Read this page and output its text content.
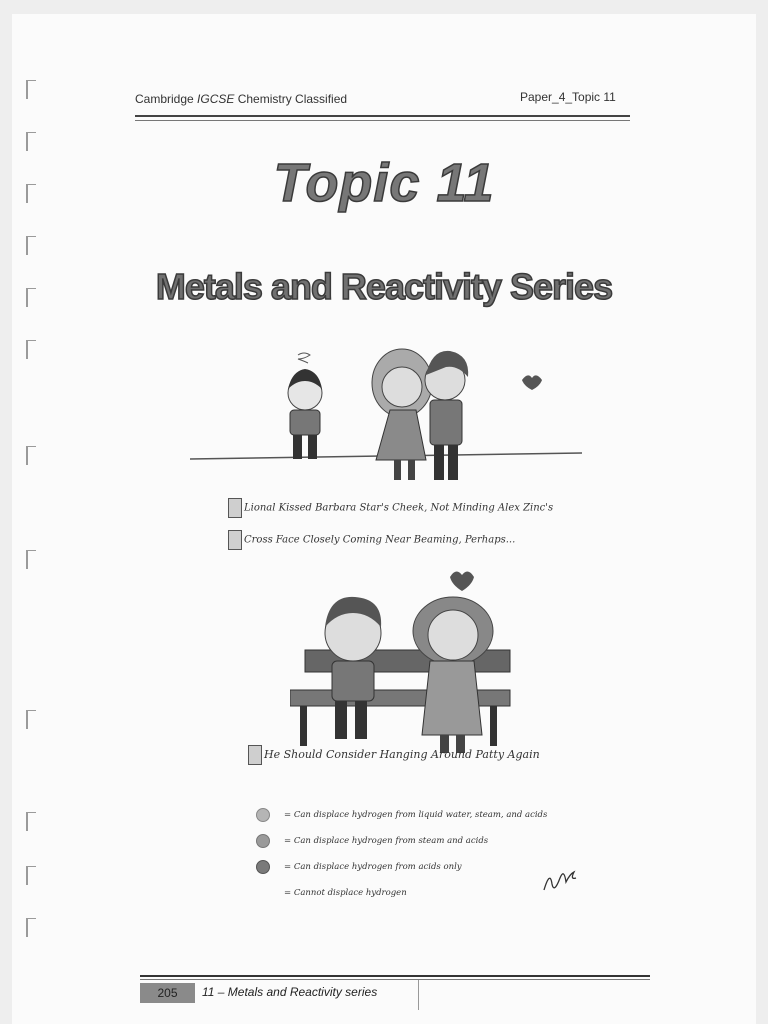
Cambridge IGCSE Chemistry Classified	Paper_4_Topic 11
Topic 11
Metals and Reactivity Series
Lional Kissed Barbara Star's Cheek, Not Minding Alex Zinc's
Cross Face Closely Coming Near Beaming, Perhaps...
He Should Consider Hanging Around Patty Again
= Can displace hydrogen from liquid water, steam, and acids
= Can displace hydrogen from steam and acids
= Can displace hydrogen from acids only
= Cannot displace hydrogen
205	11 – Metals and Reactivity series
